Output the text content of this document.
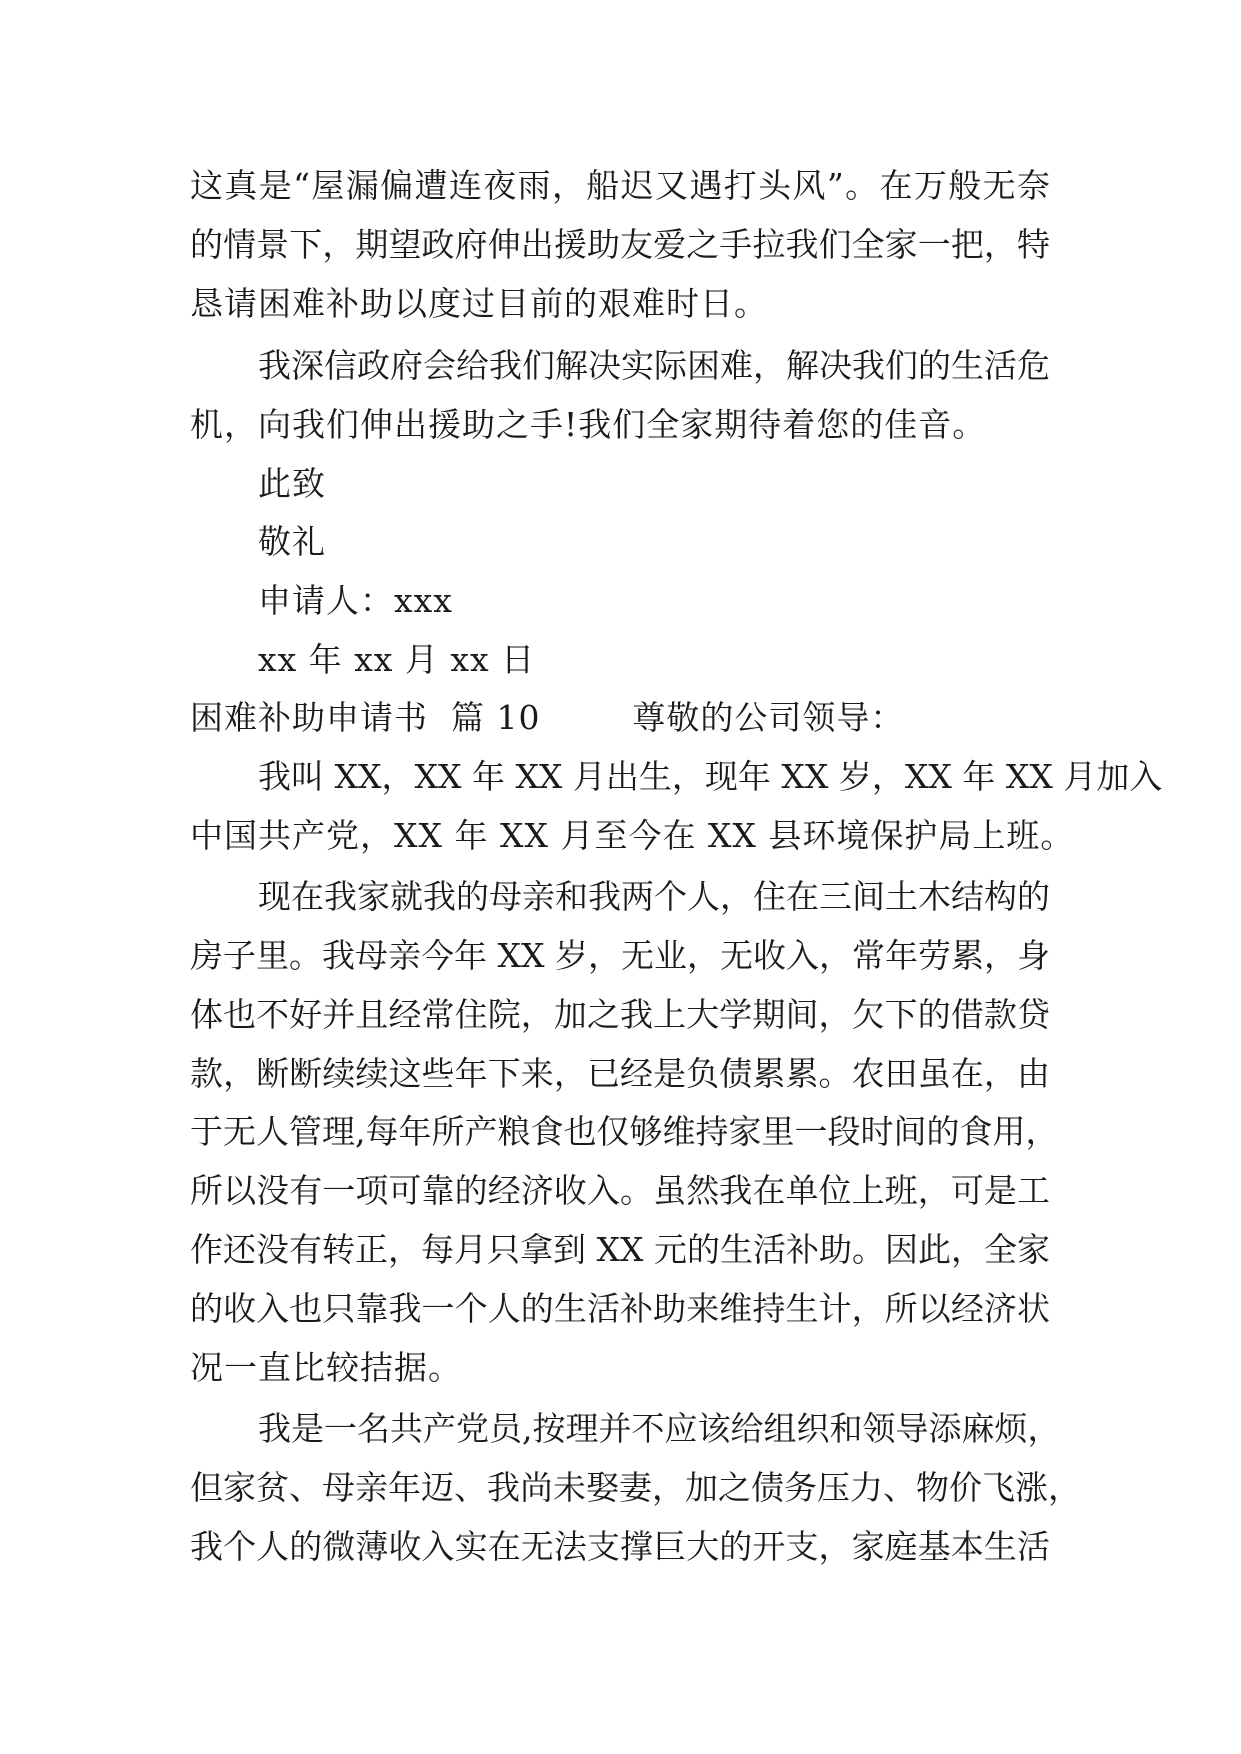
这真是“屋漏偏遭连夜雨，船迟又遇打头风”。在万般无奈
的情景下，期望政府伸出援助友爱之手拉我们全家一把，特
恳请困难补助以度过目前的艰难时日。
我深信政府会给我们解决实际困难，解决我们的生活危
机，向我们伸出援助之手!我们全家期待着您的佳音。
此致
敬礼
申请人：xxx
xx 年 xx 月 xx 日
困难补助申请书  篇 10        尊敬的公司领导：
我叫 XX，XX 年 XX 月出生，现年 XX 岁，XX 年 XX 月加入
中国共产党，XX 年 XX 月至今在 XX 县环境保护局上班。
现在我家就我的母亲和我两个人，住在三间土木结构的
房子里。我母亲今年 XX 岁，无业，无收入，常年劳累，身
体也不好并且经常住院，加之我上大学期间，欠下的借款贷
款，断断续续这些年下来，已经是负债累累。农田虽在，由
于无人管理,每年所产粮食也仅够维持家里一段时间的食用，
所以没有一项可靠的经济收入。虽然我在单位上班，可是工
作还没有转正，每月只拿到 XX 元的生活补助。因此，全家
的收入也只靠我一个人的生活补助来维持生计，所以经济状
况一直比较拮据。
我是一名共产党员,按理并不应该给组织和领导添麻烦，
但家贫、母亲年迈、我尚未娶妻，加之债务压力、物价飞涨，
我个人的微薄收入实在无法支撑巨大的开支，家庭基本生活
